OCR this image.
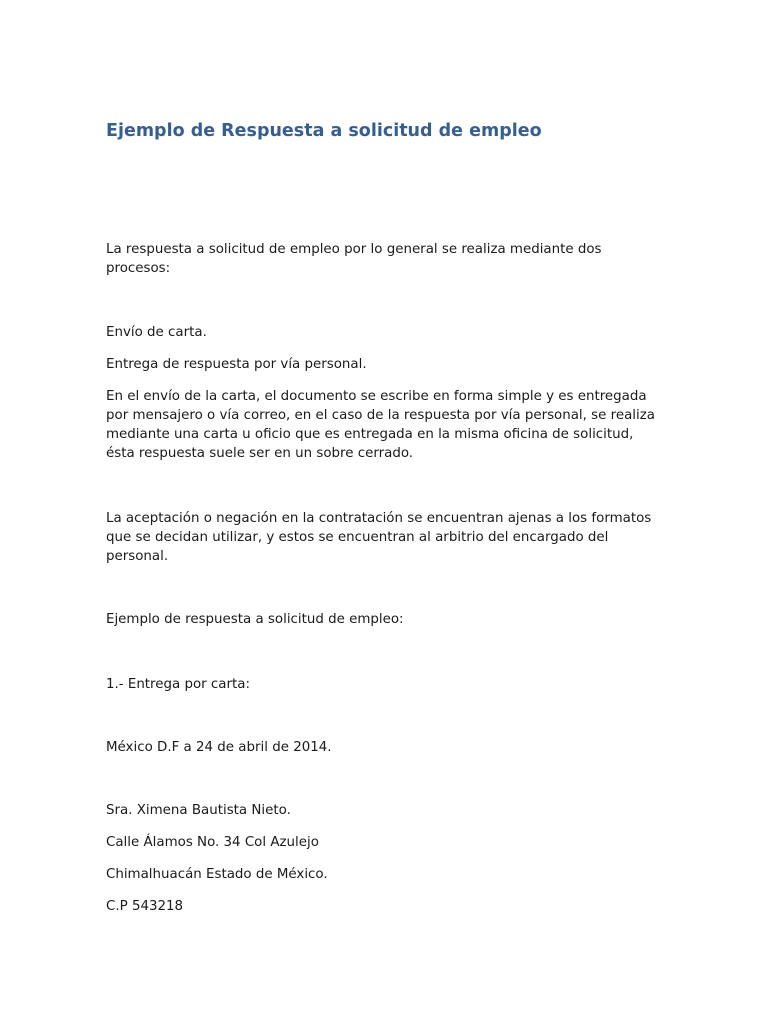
Ejemplo de Respuesta a solicitud de empleo

La respuesta a solicitud de empleo por lo general se realiza mediante dos procesos:

Envío de carta.

Entrega de respuesta por vía personal.

En el envío de la carta, el documento se escribe en forma simple y es entregada por mensajero o vía correo, en el caso de la respuesta por vía personal, se realiza mediante una carta u oficio que es entregada en la misma oficina de solicitud, ésta respuesta suele ser en un sobre cerrado.

La aceptación o negación en la contratación se encuentran ajenas a los formatos que se decidan utilizar, y estos se encuentran al arbitrio del encargado del personal.

Ejemplo de respuesta a solicitud de empleo:

1.- Entrega por carta:

México D.F a 24 de abril de 2014.

Sra. Ximena Bautista Nieto.

Calle Álamos No. 34 Col Azulejo

Chimalhuacán Estado de México.

C.P 543218
